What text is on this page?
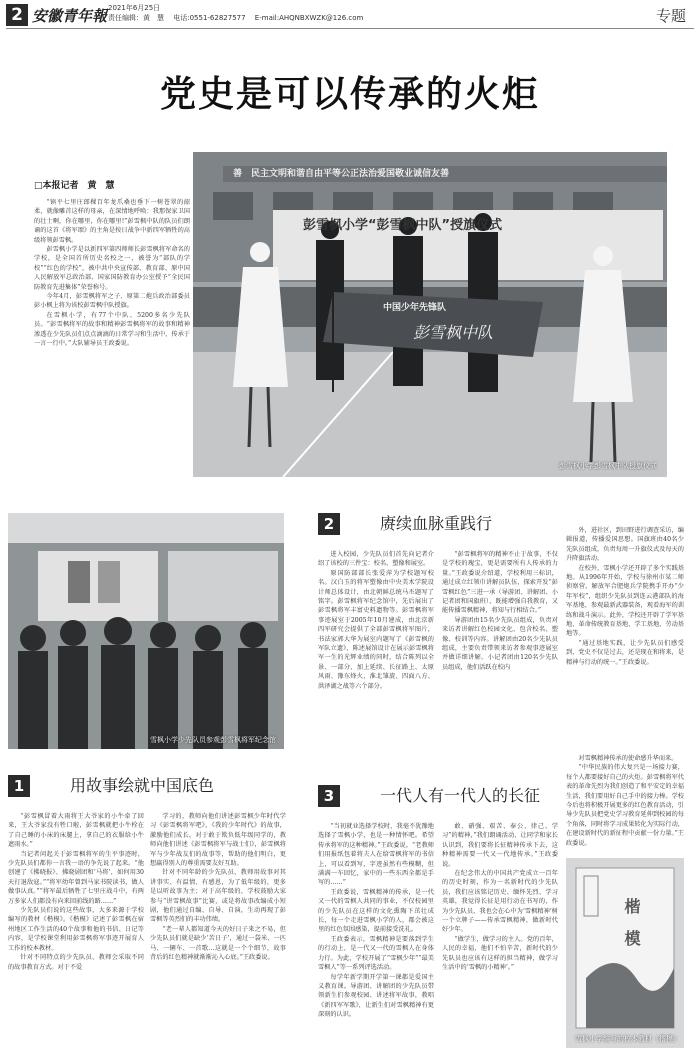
2 安徽青年報 2021年6月25日
责任编辑：黄　慧　 电话:0551-62827577　 E-mail:AHQNBXWZK@126.com	专题
党史是可以传承的火炬
□本报记者　黄　慧

“镇平七里庄郎棵百年龙爪桑也垂下一树苍翠的韶柔，就像雕首这样的母亲，在深情地呼唤：我那保家卫国的壮士啊，你在哪里，你在哪里!”彭雪枫中队的队员们朗诵的这首《将军颂》的主角是按日战争中新四军牺牲的高级将领彭雪枫。

彭雪枫小学是以新四军第四师师长彭雪枫将军命名的学校，是全国首所历史名校之一，被誉为“部队的学校”“红色的学校”，被中共中央宣传部、教育部、原中国人民解放军总政治部、国家国防教育办公室授予“全民国防教育先进集体”荣誉称号。

今年4月，彭雪枫将军之子、原第二炮兵政治部委员彭小枫上将为该校彭雪枫中队授旗。

在雪枫小学，有77个中队、5200多名少先队员。“彭雪枫将军的故事和精神彭雪枫将军的故事和精神渗透在少先队员们点点滴滴的日常学习和生活中，传承于一言一行中。”大队辅导员王政委说。

彭雪枫小学“彭雪枫中队”授旗仪式
善　民主文明和谐自由平等公正法治爱国敬业诚信友善
中国少年先锋队
彭雪枫中队
彭雪枫小学彭雪枫中队授旗仪式
雪枫小学少先队员参观彭雪枫将军纪念馆
2	赓续血脉重践行

进入校园，少先队员们首先向记者介绍了该校的三件宝：校名、塑像和展室。

原国防部部长张爱萍为学校题写校名。汉白玉的将军塑像由中央美术学院设计师总体设计，由北朝鲜总统马丕题写了铭字。彭雪枫将军纪念馆中，先后展出了彭雪枫将军丰富史料遗物等。彭雪枫将军事迹展室于2005年10月建成，由北京新四军研究会提供了全部彭雪枫将军图片，书法家郭大华为展室内题写了《彭雪枫的军队立遗》，陈述展馆设计在展示彭雪枫将军一生的光辉业绩的同时，结合陈列以全景、一部分、加上延续、长征路上、太原风雨、豫东烽火、淮北雏旋、四面八方、洪泽湖之战等六个部分。

“彭雪枫将军的精神不止于故事，不仅是学校的瑰宝，更是需要所有人传承的力量。”王政委说介绍道，学校利用三标识，通过成立红领巾讲解员队伍，探索开发“彭雪枫红色”三进一承（导游团、讲解团、小记者团和国旗班），既能增强自我教育，又能传播雪枫精神，将知与行相结合。”

导游团由15名少先队员组成，负责对来访者讲解红色校园文化、包含校名、塑像、校训等内容。讲解团由20名少先队员组成，主要负责带领来访者参观事迹展室并做详细讲解。小记者团由120名少先队员组成，他们活跃在校内

外，进社区，到田野进行调查采访，编辑报道，传播爱国思想。国旗班由40名少先队员组成，负责每周一升旗仪式及每天的升降旗活动。

在校外，雪枫小学还开辟了多个实践基地。从1996年开始，学校与徐州市某二师侦察营，解放军合肥炮兵学院携手开办“少年军校”，组织少先队员到连云港部队的海军基地、参观最新武器装备，观看海军的训练和战斗演示。此外，学校还开辟了学军基地、革命传统教育基地、学工基地、劳动基地等。

“通过基地实践，让少先队员们感受到，党史不仅是过去，还是现在和将来，是精神与行动的统一。”王政委说。

1	用故事绘就中国底色

“彭雪枫冒着大雨将王大爷家的小牛牵了回来，王大爷家没有牲口啦，彭雪枫就把小牛栓在了自己睡的小床的床腿上，拿自己的衣服给小牛遮雨水。”

当记者问起关于彭雪枫将军的生平事迹时，少先队员们都你一言我一语的争先说了起来。“他创建了《拂晓报》、拂晓剧团和‘马将’，如何用30天打退敌寇。”“将军幼年曾到马家书院读书，做人做事认真。”“将军最后牺牲了七里庄战斗中，有两万多家人们都没有向来回前线的路……”

少先队员们说的这些故事，大多来源于学校编写的教材《楷模》。《楷模》记述了彭雪枫在宿州地区工作生活的40个故事和他的书信、日记等内容，是学校课堂利用彭雪枫将军事迹开展育人工作的校本教材。

针对不同特点的少先队员，教师会采取不同的故事教育方式。对于不爱

学习的，教师向他们讲述彭雪枫少年时代学习《彭雪枫将军吧》，《我的少年时代》的故事，激励他们成长。对于敢于欺负低年级同学的，教师向他们讲述《彭雪枫将军与战士们》，彭雪枫将军与少年战友们的故事等，帮助的他们明白，更想赢得别人的尊重需要友好互助。

针对不同年龄的少先队员，教师用故事对其讲事实、有温情、有感恩，为了低年级的，更多是以听故事为主；对于高年级的，学校鼓励大家参与“讲雪枫故事”比赛，或是将故事改编成小短剧，他们通过自编、自导、自演，生动再现了彭雪枫等英烈们的丰功伟绩。

“老一辈人都知道今天的好日子来之不易，但少先队员们就是缺少‘苦日子’，通过一袋米、一匹马、一辆车、一首歌…这就是一个个细节，故事背后的红色精神就渐渐沁入心底。”王政委说。

3	一代人有一代人的长征

“当初就业选择学校时，我毫不犹豫地选择了雪枫小学，也是一种情怀吧。希望传承将军的这种精神。”王政委说。“老教师们用报纸包着将夫人在给雪枫将军的书信上，可以看到写，字迹虽然有些模糊，但满满一车回忆，家中的一些东西全都是手写的……”

王政委说，雪枫精神的传承，是一代又一代的雪枫人共同的事业，不仅校园里的少先队员在这样的文化熏陶下茁壮成长，每一个走进雪枫小学的人，都会被这里的红色氛围感染，提前接受洗礼。

王政委表示，雪枫精神是要落到学生的行动上，是一代又一代的雪枫人在身体力行。为此，学校开展了“雪枫少年”“最美雪枫人”等一系列评选活动。

每学年新学期开学第一课都是爱国主义教育课。导游团、讲解团的少先队员带领新生们参观校园、讲述将军故事，教唱《新四军军歌》，让新生们对雪枫精神有更深刻的认识。

敢、硝强、艰苦、奉公、律己、学习”的精神，”我们朗诵活动，让同学和家长认识到，我们要将长征精神传承下去，这种精神需要一代又一代地传承。”王政委说。

在纪念伟大的中国共产党成立一百年的历史时刻，作为一名新时代的少先队员，我们应该铭记历史、缅怀先烈、学习英雄，我觉得长征是用行动在书写的，作为少先队员，我也会在心中为‘雪枫精神’树一个立牌子——传承雪枫精神，做新时代好少年。

“做学生，做学习的主人。党的百年，人民的幸福，他们不怕辛苦，新时代的少先队员也应该有这样的担当精神，做学习生活中的‘雪枫的小精神’。”

对雪枫精神传承的使命感升华而来。

“中华民族的伟大复兴是一场接力赛，每个人都要接好自己的火炬。彭雪枫将军代表的革命先烈为我们创造了和平安定的幸福生活，我们要用好自己手中的接力棒。学校今后也将积极开展更多的红色教育活动，引导少先队员把党史学习教育延伸到校园的每个角落，同时将学习成果转化为实际行动，在建设新时代的新征程中贡献一份力量。”王政委说。

楷　模
雪枫小学编写的校本教材《楷模》
